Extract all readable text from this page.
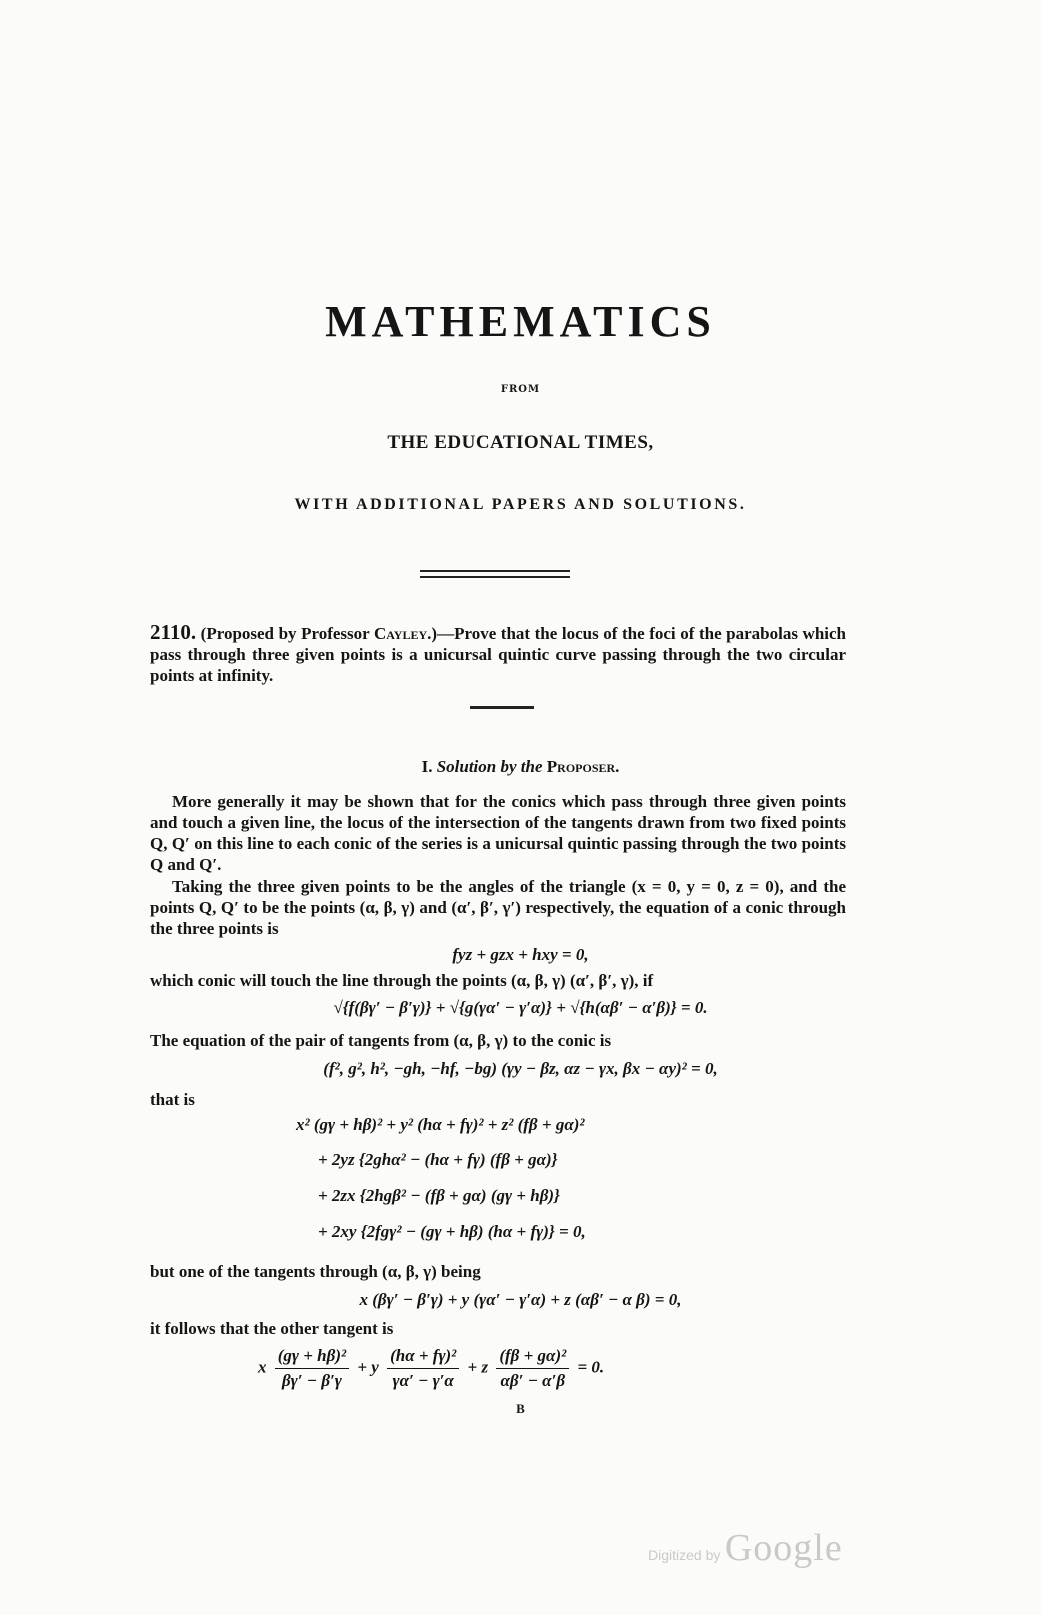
MATHEMATICS
FROM
THE EDUCATIONAL TIMES,
WITH ADDITIONAL PAPERS AND SOLUTIONS.
2110. (Proposed by Professor Cayley.)—Prove that the locus of the foci of the parabolas which pass through three given points is a unicursal quintic curve passing through the two circular points at infinity.
I. Solution by the Proposer.
More generally it may be shown that for the conics which pass through three given points and touch a given line, the locus of the intersection of the tangents drawn from two fixed points Q, Q′ on this line to each conic of the series is a unicursal quintic passing through the two points Q and Q′.
Taking the three given points to be the angles of the triangle (x = 0, y = 0, z = 0), and the points Q, Q′ to be the points (α, β, γ) and (α′, β′, γ′) respectively, the equation of a conic through the three points is
fyz + gzx + hxy = 0,
which conic will touch the line through the points (α, β, γ) (α′, β′, γ), if
√{f(βγ′ − β′γ)} + √{g(γα′ − γ′α)} + √{h(αβ′ − α′β)} = 0.
The equation of the pair of tangents from (α, β, γ) to the conic is
(f², g², h², −gh, −hf, −bg) (γy − βz, αz − γx, βx − αy)² = 0,
that is
x² (gγ + hβ)² + y² (hα + fγ)² + z² (fβ + gα)²
+ 2yz {2ghα² − (hα + fγ) (fβ + gα)}
+ 2zx {2hgβ² − (fβ + gα) (gγ + hβ)}
+ 2xy {2fgγ² − (gγ + hβ) (hα + fγ)} = 0,
but one of the tangents through (α, β, γ) being
x (βγ′ − β′γ) + y (γα′ − γ′α) + z (αβ′ − α β) = 0,
it follows that the other tangent is
x $\frac{\text{(gγ + hβ)²}}{\beta\gamma' - \beta'\gamma} + y \frac{\text{(hα + fγ)²}}{\gamma\alpha' - \gamma'\alpha} + z \frac{\text{(fβ + gα)²}}{\alpha\beta' - \alpha'\beta} = 0$.
B
Digitized by Google
